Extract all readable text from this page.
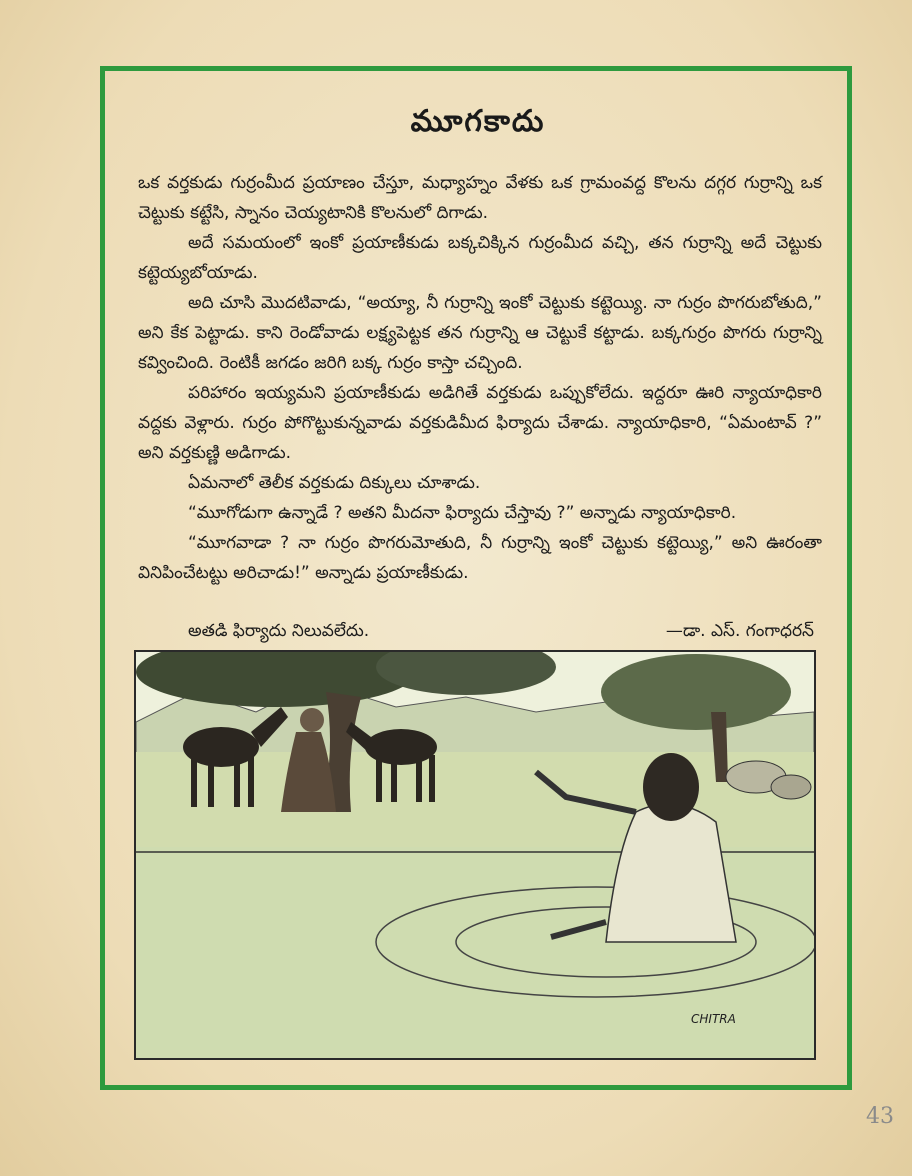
మూగకాదు

ఒక వర్తకుడు గుర్రంమీద ప్రయాణం చేస్తూ, మధ్యాహ్నం వేళకు ఒక గ్రామంవద్ద కొలను దగ్గర గుర్రాన్ని ఒక చెట్టుకు కట్టేసి, స్నానం చెయ్యటానికి కొలనులో దిగాడు.

అదే సమయంలో ఇంకో ప్రయాణీకుడు బక్కచిక్కిన గుర్రంమీద వచ్చి, తన గుర్రాన్ని అదే చెట్టుకు కట్టెయ్యబోయాడు.

అది చూసి మొదటివాడు, “అయ్యా, నీ గుర్రాన్ని ఇంకో చెట్టుకు కట్టెయ్యి. నా గుర్రం పొగరుబోతుది,” అని కేక పెట్టాడు. కాని రెండోవాడు లక్ష్యపెట్టక తన గుర్రాన్ని ఆ చెట్టుకే కట్టాడు. బక్కగుర్రం పొగరు గుర్రాన్ని కవ్వించింది. రెంటికీ జగడం జరిగి బక్క గుర్రం కాస్తా చచ్చింది.

పరిహారం ఇయ్యమని ప్రయాణీకుడు అడిగితే వర్తకుడు ఒప్పుకోలేదు. ఇద్దరూ ఊరి న్యాయాధికారి వద్దకు వెళ్లారు. గుర్రం పోగొట్టుకున్నవాడు వర్తకుడిమీద ఫిర్యాదు చేశాడు. న్యాయాధికారి, “ఏమంటావ్ ?” అని వర్తకుణ్ణి అడిగాడు.

ఏమనాలో తెలీక వర్తకుడు దిక్కులు చూశాడు.

“మూగోడుగా ఉన్నాడే ? అతని మీదనా ఫిర్యాదు చేస్తావు ?” అన్నాడు న్యాయాధికారి.

“మూగవాడా ? నా గుర్రం పొగరుమోతుది, నీ గుర్రాన్ని ఇంకో చెట్టుకు కట్టెయ్యి,” అని ఊరంతా వినిపించేటట్టు అరిచాడు!” అన్నాడు ప్రయాణీకుడు.

అతడి ఫిర్యాదు నిలువలేదు.	—డా. ఎస్. గంగాధరన్
CHITRA
43
